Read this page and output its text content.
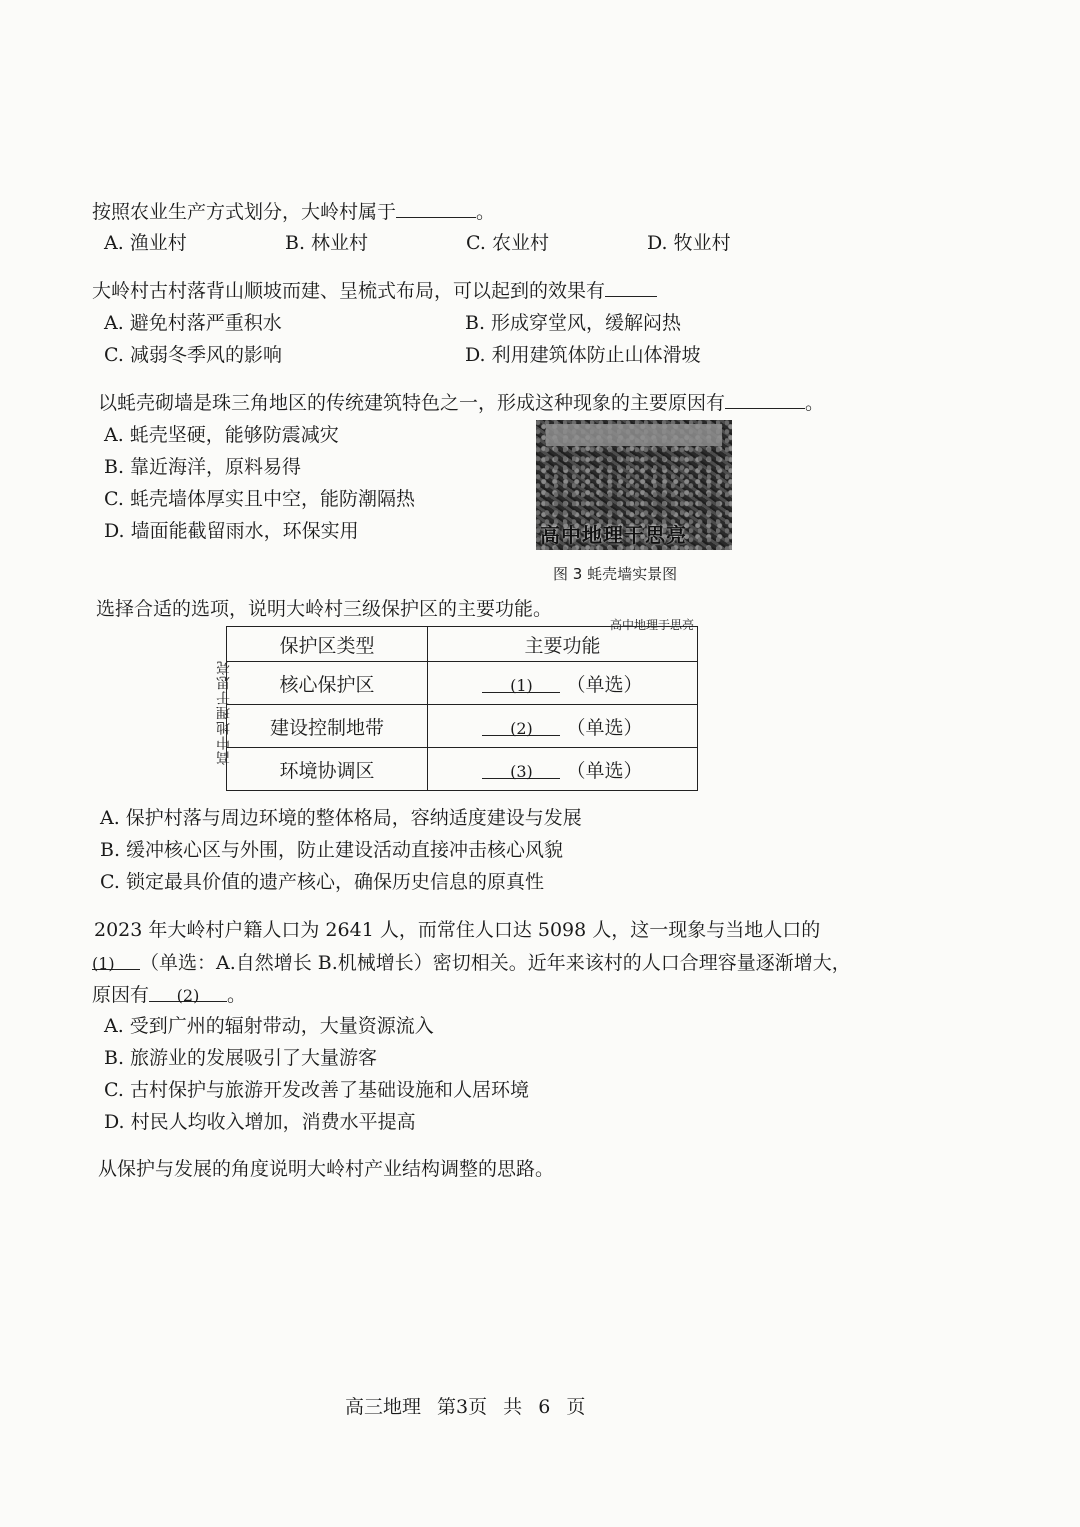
按照农业生产方式划分，大岭村属于	。
A. 渔业村	B. 林业村	C. 农业村	D. 牧业村
大岭村古村落背山顺坡而建、呈梳式布局，可以起到的效果有
A. 避免村落严重积水	B. 形成穿堂风，缓解闷热
C. 减弱冬季风的影响	D. 利用建筑体防止山体滑坡
以蚝壳砌墙是珠三角地区的传统建筑特色之一，形成这种现象的主要原因有	。
A. 蚝壳坚硬，能够防震减灾
B. 靠近海洋，原料易得
C. 蚝壳墙体厚实且中空，能防潮隔热
D. 墙面能截留雨水，环保实用	高中地理干思亮
图 3 蚝壳墙实景图
选择合适的选项，说明大岭村三级保护区的主要功能。
高中地理于思亮
高中地理于思亮
保护区类型	主要功能
核心保护区	(1) （单选）
建设控制地带	(2) （单选）
环境协调区	(3) （单选）
A. 保护村落与周边环境的整体格局，容纳适度建设与发展
B. 缓冲核心区与外围，防止建设活动直接冲击核心风貌
C. 锁定最具价值的遗产核心，确保历史信息的原真性
2023 年大岭村户籍人口为 2641 人，而常住人口达 5098 人，这一现象与当地人口的
(1) （单选：A.自然增长 B.机械增长）密切相关。近年来该村的人口合理容量逐渐增大，
原因有 (2) 。
A. 受到广州的辐射带动，大量资源流入
B. 旅游业的发展吸引了大量游客
C. 古村保护与旅游开发改善了基础设施和人居环境
D. 村民人均收入增加，消费水平提高
从保护与发展的角度说明大岭村产业结构调整的思路。
高三地理 第3页 共 6 页
